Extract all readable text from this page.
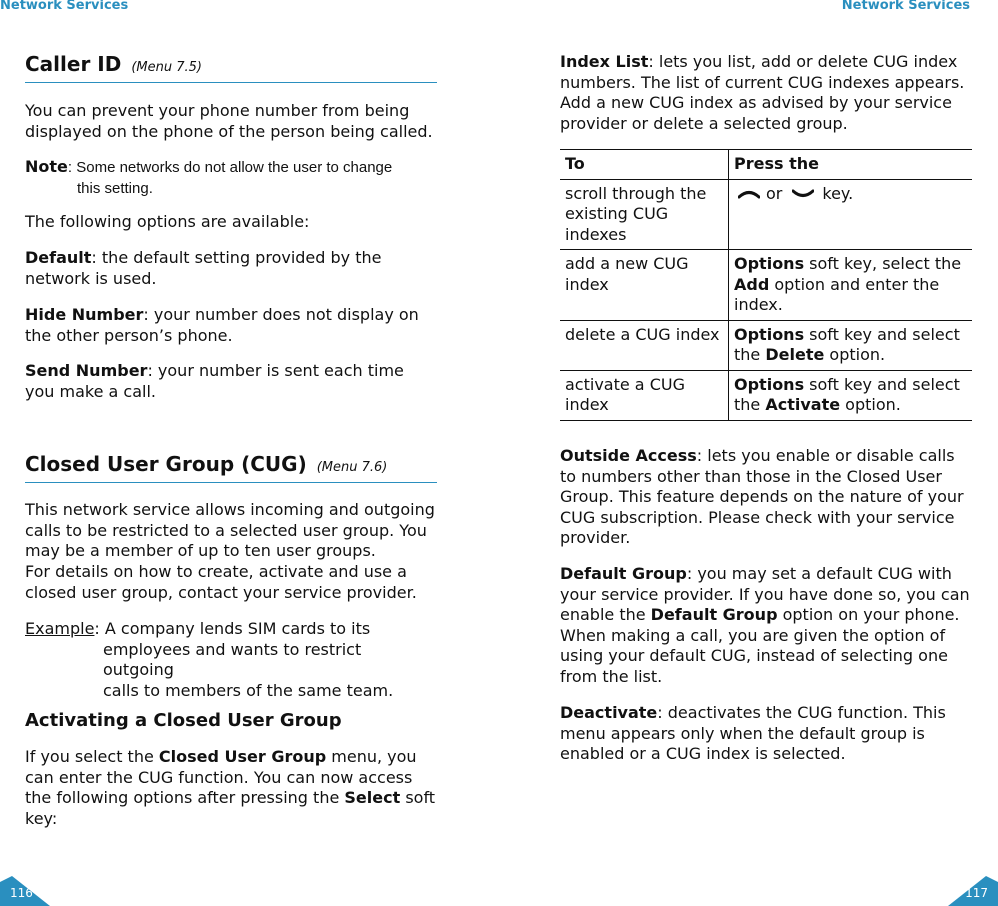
Network Services	Network Services
Caller ID (Menu 7.5)

You can prevent your phone number from being displayed on the phone of the person being called.

Note: Some networks do not allow the user to change
this setting.

The following options are available:

Default: the default setting provided by the network is used.

Hide Number: your number does not display on the other person’s phone.

Send Number: your number is sent each time you make a call.

Closed User Group (CUG) (Menu 7.6)

This network service allows incoming and outgoing calls to be restricted to a selected user group. You may be a member of up to ten user groups.

For details on how to create, activate and use a closed user group, contact your service provider.

Example: A company lends SIM cards to its
employees and wants to restrict outgoing
calls to members of the same team.
Activating a Closed User Group

If you select the Closed User Group menu, you can enter the CUG function. You can now access the following options after pressing the Select soft key:

Index List: lets you list, add or delete CUG index numbers. The list of current CUG indexes appears. Add a new CUG index as advised by your service provider or delete a selected group.

To	Press the
scroll through the existing CUG indexes	or key.
add a new CUG index	Options soft key, select the Add option and enter the index.
delete a CUG index	Options soft key and select the Delete option.
activate a CUG index	Options soft key and select the Activate option.

Outside Access: lets you enable or disable calls to numbers other than those in the Closed User Group. This feature depends on the nature of your CUG subscription. Please check with your service provider.

Default Group: you may set a default CUG with your service provider. If you have done so, you can enable the Default Group option on your phone. When making a call, you are given the option of using your default CUG, instead of selecting one from the list.

Deactivate: deactivates the CUG function. This menu appears only when the default group is enabled or a CUG index is selected.

116	117
